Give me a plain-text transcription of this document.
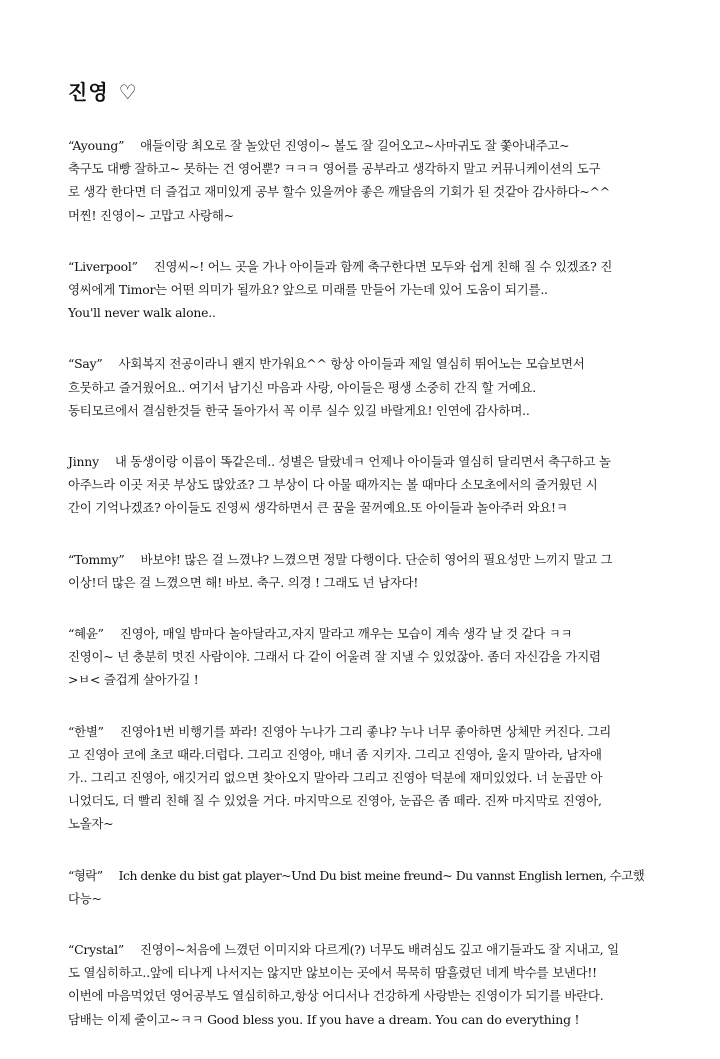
진영 ♡
“Ayoung” 애들이랑 최오로 잘 놀았던 진영이~ 볼도 잘 길어오고~사마귀도 잘 쫓아내주고~
축구도 대빵 잘하고~ 못하는 건 영어뿐? ㅋㅋㅋ 영어를 공부라고 생각하지 말고 커뮤니케이션의 도구
로 생각 한다면 더 즐겁고 재미있게 공부 할수 있을꺼야 좋은 깨달음의 기회가 된 것같아 감사하다~^^
머찐! 진영이~ 고맙고 사랑해~
“Liverpool” 진영씨~! 어느 곳을 가나 아이들과 함께 축구한다면 모두와 쉽게 친해 질 수 있겠죠? 진
영씨에게 Timor는 어떤 의미가 될까요? 앞으로 미래를 만들어 가는데 있어 도움이 되기를..
You'll never walk alone..
“Say” 사회복지 전공이라니 왠지 반가워요^^ 항상 아이들과 제일 열심히 뛰어노는 모습보면서
흐뭇하고 즐거웠어요.. 여기서 남기신 마음과 사랑, 아이들은 평생 소중히 간직 할 거예요.
동티모르에서 결심한것들 한국 돌아가서 꼭 이루 실수 있길 바랄게요! 인연에 감사하며..
Jinny 내 동생이랑 이름이 똑같은데.. 성별은 달랐네ㅋ 언제나 아이들과 열심히 달리면서 축구하고 놀
아주느라 이곳 저곳 부상도 많았죠? 그 부상이 다 아물 때까지는 볼 때마다 소모초에서의 즐거웠던 시
간이 기억나겠죠? 아이들도 진영씨 생각하면서 큰 꿈을 꿀꺼예요.또 아이들과 놀아주러 와요!ㅋ
“Tommy” 바보야! 많은 걸 느꼈냐? 느꼈으면 정말 다행이다. 단순히 영어의 필요성만 느끼지 말고 그
이상!더 많은 걸 느꼈으면 해! 바보. 축구. 의경 ! 그래도 넌 남자다!
“혜윤” 진영아, 매일 밤마다 놀아달라고,자지 말라고 깨우는 모습이 계속 생각 날 것 같다 ㅋㅋ
진영이~ 넌 충분히 멋진 사람이야. 그래서 다 같이 어울려 잘 지낼 수 있었잖아. 좀더 자신감을 가지렴
>ㅂ< 즐겁게 살아가길 !
“한별” 진영아1번 비행기를 꽈라! 진영아 누나가 그리 좋냐? 누나 너무 좋아하면 상체만 커진다. 그리
고 진영아 코에 초코 때라.더럽다. 그리고 진영아, 매너 좀 지키자. 그리고 진영아, 울지 말아라, 남자애
가.. 그리고 진영아, 애깃거리 없으면 찾아오지 말아라 그리고 진영아 덕분에 재미있었다. 너 눈곱만 아
니었더도, 더 빨리 친해 질 수 있었을 거다. 마지막으로 진영아, 눈곱은 좀 떼라. 진짜 마지막로 진영아,
노올자~
“형락” Ich denke du bist gat player~Und Du bist meine freund~ Du vannst English lernen, 수고했
다능~
“Crystal” 진영이~처음에 느꼈던 이미지와 다르게(?) 너무도 배려심도 깊고 애기들과도 잘 지내고, 일
도 열심히하고..앞에 티나게 나서지는 않지만 않보이는 곳에서 묵묵히 땀흘렸던 네게 박수를 보낸다!!
이번에 마음먹었던 영어공부도 열심히하고,항상 어디서나 건강하게 사랑받는 진영이가 되기를 바란다.
담배는 이제 줄이고~ㅋㅋ Good bless you. If you have a dream. You can do everything !
